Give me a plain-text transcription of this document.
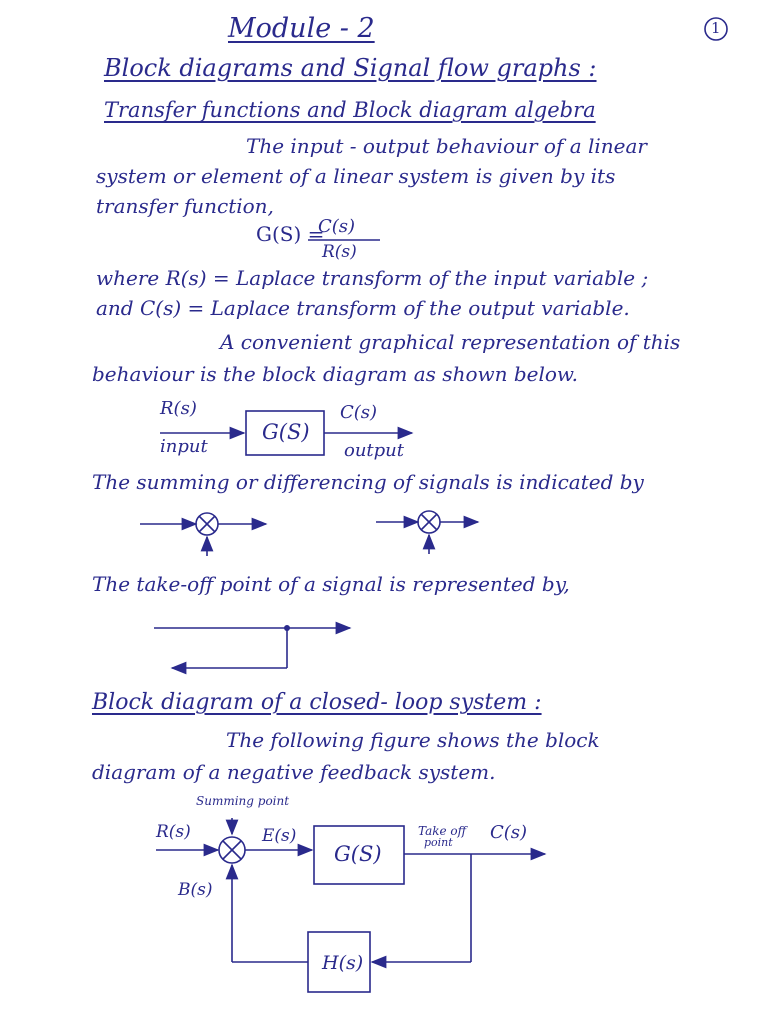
1
Module - 2
Block diagrams and Signal flow graphs :
Transfer functions and Block diagram algebra
The input - output behaviour of a linear
system or element of a linear system is given by its
transfer function,
G(S) =
C(s)
R(s)
where R(s) = Laplace transform of the input variable ;
and C(s) = Laplace transform of the output variable.
A convenient graphical representation of this
behaviour is the block diagram as shown below.
R(s)
input
G(S)
C(s)
output
The summing or differencing of signals is indicated by
The take-off point of a signal is represented by,
Block diagram of a closed- loop system :
The following figure shows the block
diagram of a negative feedback system.
Summing point
R(s)	E(s)
G(S)
Take off
point C(s)
B(s)
H(s)
